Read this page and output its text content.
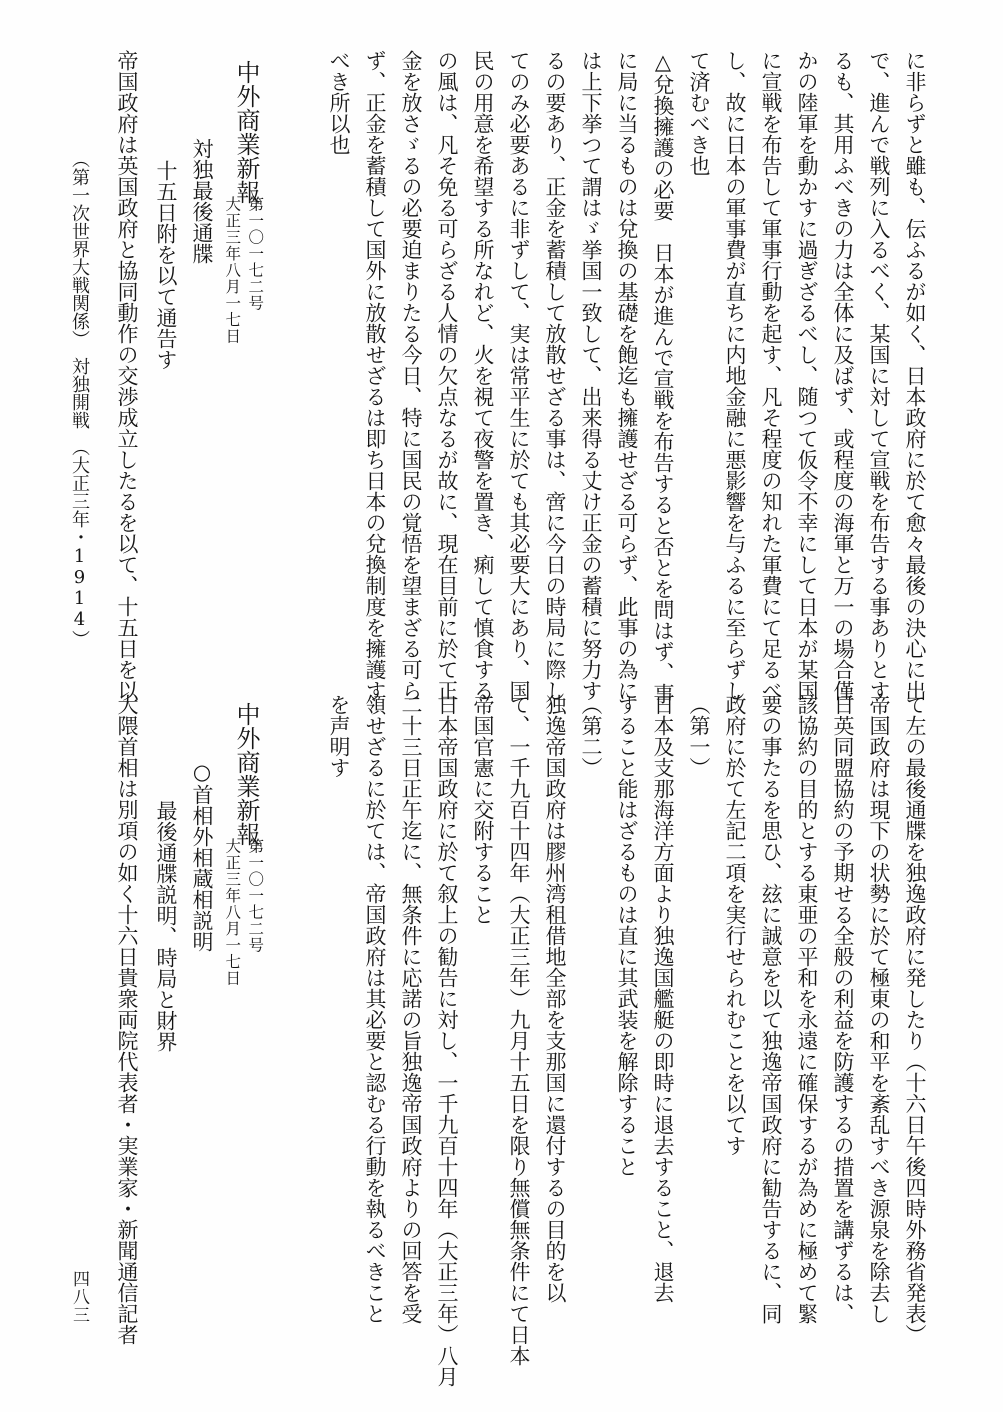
に非らずと雖も、伝ふるが如く、日本政府に於て愈々最後の決心に出
で、進んで戦列に入るべく、某国に対して宣戦を布告する事ありとす
るも、其用ふべきの力は全体に及ばず、或程度の海軍と万一の場合僅
かの陸軍を動かすに過ぎざるべし、随つて仮令不幸にして日本が某国
に宣戦を布告して軍事行動を起す、凡そ程度の知れた軍費にて足るべ
し、故に日本の軍事費が直ちに内地金融に悪影響を与ふるに至らずし
て済むべき也
△兌換擁護の必要　日本が進んで宣戦を布告すると否とを問はず、事
に局に当るものは兌換の基礎を飽迄も擁護せざる可らず、此事の為に
は上下挙つて謂はゞ挙国一致して、出来得る丈け正金の蓄積に努力す
るの要あり、正金を蓄積して放散せざる事は、啻に今日の時局に際し
てのみ必要あるに非ずして、実は常平生に於ても其必要大にあり、国
民の用意を希望する所なれど、火を視て夜警を置き、痢して慎食する
の風は、凡そ免る可らざる人情の欠点なるが故に、現在目前に於て正
金を放さゞるの必要迫まりたる今日、特に国民の覚悟を望まざる可ら
ず、正金を蓄積して国外に放散せざるは即ち日本の兌換制度を擁護す
べき所以也
中外商業新報
第一〇一七二号
大正三年八月一七日
対独最後通牒
十五日附を以て通告す
帝国政府は英国政府と協同動作の交渉成立したるを以て、十五日を以
（第一次世界大戦関係）　対独開戦　（大正三年・1914）
て左の最後通牒を独逸政府に発したり（十六日午後四時外務省発表）
帝国政府は現下の状勢に於て極東の和平を紊乱すべき源泉を除去し
日英同盟協約の予期せる全般の利益を防護するの措置を講ずるは、
該協約の目的とする東亜の平和を永遠に確保するが為めに極めて緊
要の事たるを思ひ、玆に誠意を以て独逸帝国政府に勧告するに、同
政府に於て左記二項を実行せられむことを以てす
（第一）
日本及支那海洋方面より独逸国艦艇の即時に退去すること、退去
すること能はざるものは直に其武装を解除すること
（第二）
独逸帝国政府は膠州湾租借地全部を支那国に還付するの目的を以
て、一千九百十四年（大正三年）九月十五日を限り無償無条件にて日本
帝国官憲に交附すること
日本帝国政府に於て叙上の勧告に対し、一千九百十四年（大正三年）八月
二十三日正午迄に、無条件に応諾の旨独逸帝国政府よりの回答を受
領せざるに於ては、帝国政府は其必要と認むる行動を執るべきこと
を声明す
中外商業新報
第一〇一七二号
大正三年八月一七日
○首相外相蔵相説明
最後通牒説明、時局と財界
大隈首相は別項の如く十六日貴衆両院代表者・実業家・新聞通信記者
四八三
